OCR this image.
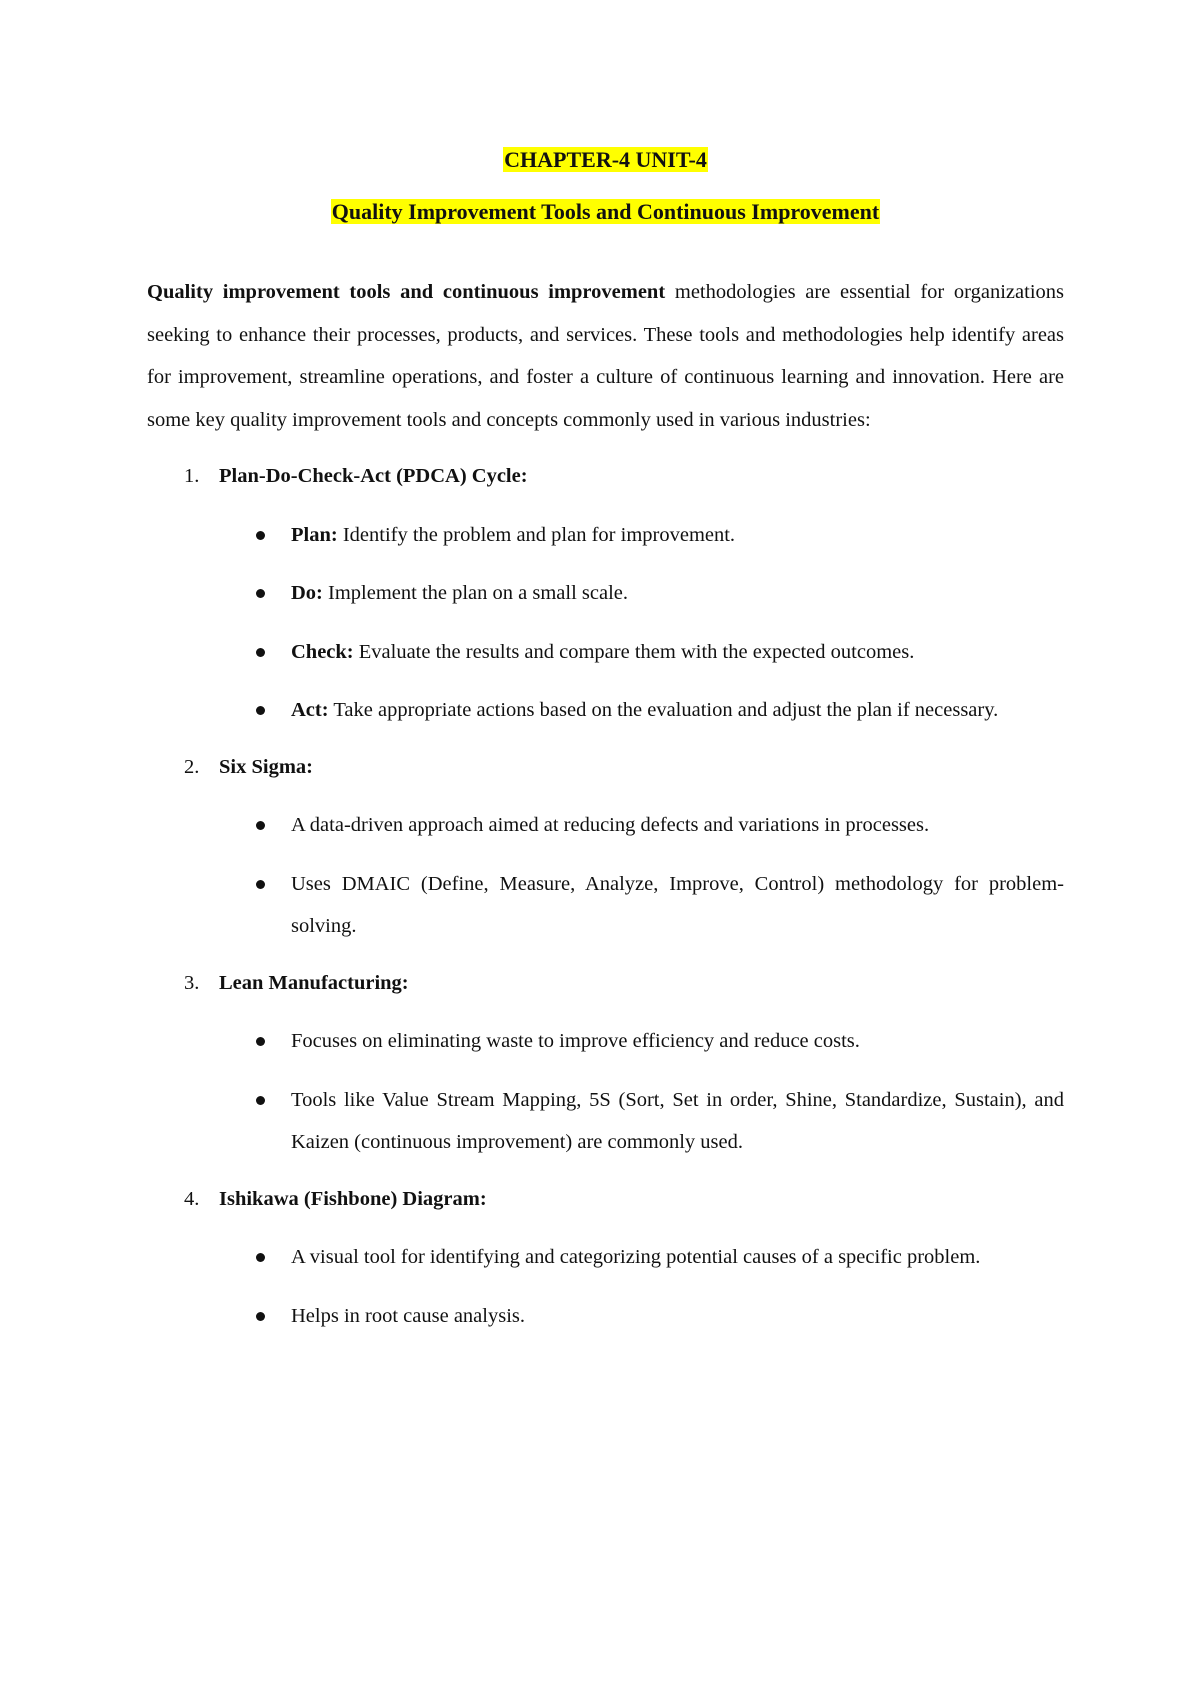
CHAPTER-4 UNIT-4
Quality Improvement Tools and Continuous Improvement

Quality improvement tools and continuous improvement methodologies are essential for organizations seeking to enhance their processes, products, and services. These tools and methodologies help identify areas for improvement, streamline operations, and foster a culture of continuous learning and innovation. Here are some key quality improvement tools and concepts commonly used in various industries:

1. Plan-Do-Check-Act (PDCA) Cycle:
Plan: Identify the problem and plan for improvement.
Do: Implement the plan on a small scale.
Check: Evaluate the results and compare them with the expected outcomes.
Act: Take appropriate actions based on the evaluation and adjust the plan if necessary.
2. Six Sigma:
A data-driven approach aimed at reducing defects and variations in processes.
Uses DMAIC (Define, Measure, Analyze, Improve, Control) methodology for problem-solving.
3. Lean Manufacturing:
Focuses on eliminating waste to improve efficiency and reduce costs.
Tools like Value Stream Mapping, 5S (Sort, Set in order, Shine, Standardize, Sustain), and Kaizen (continuous improvement) are commonly used.
4. Ishikawa (Fishbone) Diagram:
A visual tool for identifying and categorizing potential causes of a specific problem.
Helps in root cause analysis.
